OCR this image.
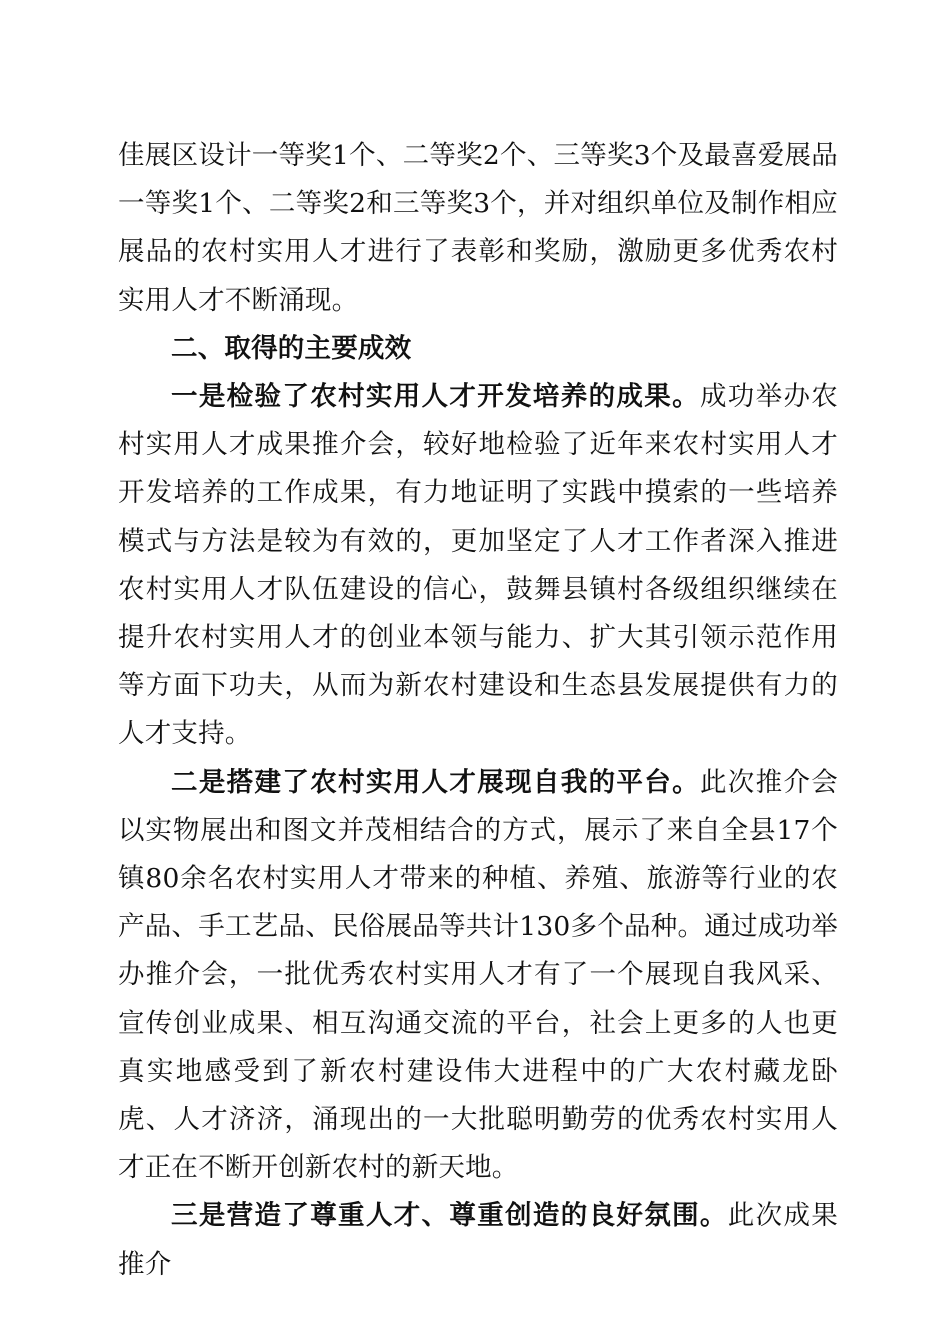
佳展区设计一等奖1个、二等奖2个、三等奖3个及最喜爱展品一等奖1个、二等奖2和三等奖3个，并对组织单位及制作相应展品的农村实用人才进行了表彰和奖励，激励更多优秀农村实用人才不断涌现。

二、取得的主要成效

一是检验了农村实用人才开发培养的成果。成功举办农村实用人才成果推介会，较好地检验了近年来农村实用人才开发培养的工作成果，有力地证明了实践中摸索的一些培养模式与方法是较为有效的，更加坚定了人才工作者深入推进农村实用人才队伍建设的信心，鼓舞县镇村各级组织继续在提升农村实用人才的创业本领与能力、扩大其引领示范作用等方面下功夫，从而为新农村建设和生态县发展提供有力的人才支持。

二是搭建了农村实用人才展现自我的平台。此次推介会以实物展出和图文并茂相结合的方式，展示了来自全县17个镇80余名农村实用人才带来的种植、养殖、旅游等行业的农产品、手工艺品、民俗展品等共计130多个品种。通过成功举办推介会，一批优秀农村实用人才有了一个展现自我风采、宣传创业成果、相互沟通交流的平台，社会上更多的人也更真实地感受到了新农村建设伟大进程中的广大农村藏龙卧虎、人才济济，涌现出的一大批聪明勤劳的优秀农村实用人才正在不断开创新农村的新天地。

三是营造了尊重人才、尊重创造的良好氛围。此次成果推介
